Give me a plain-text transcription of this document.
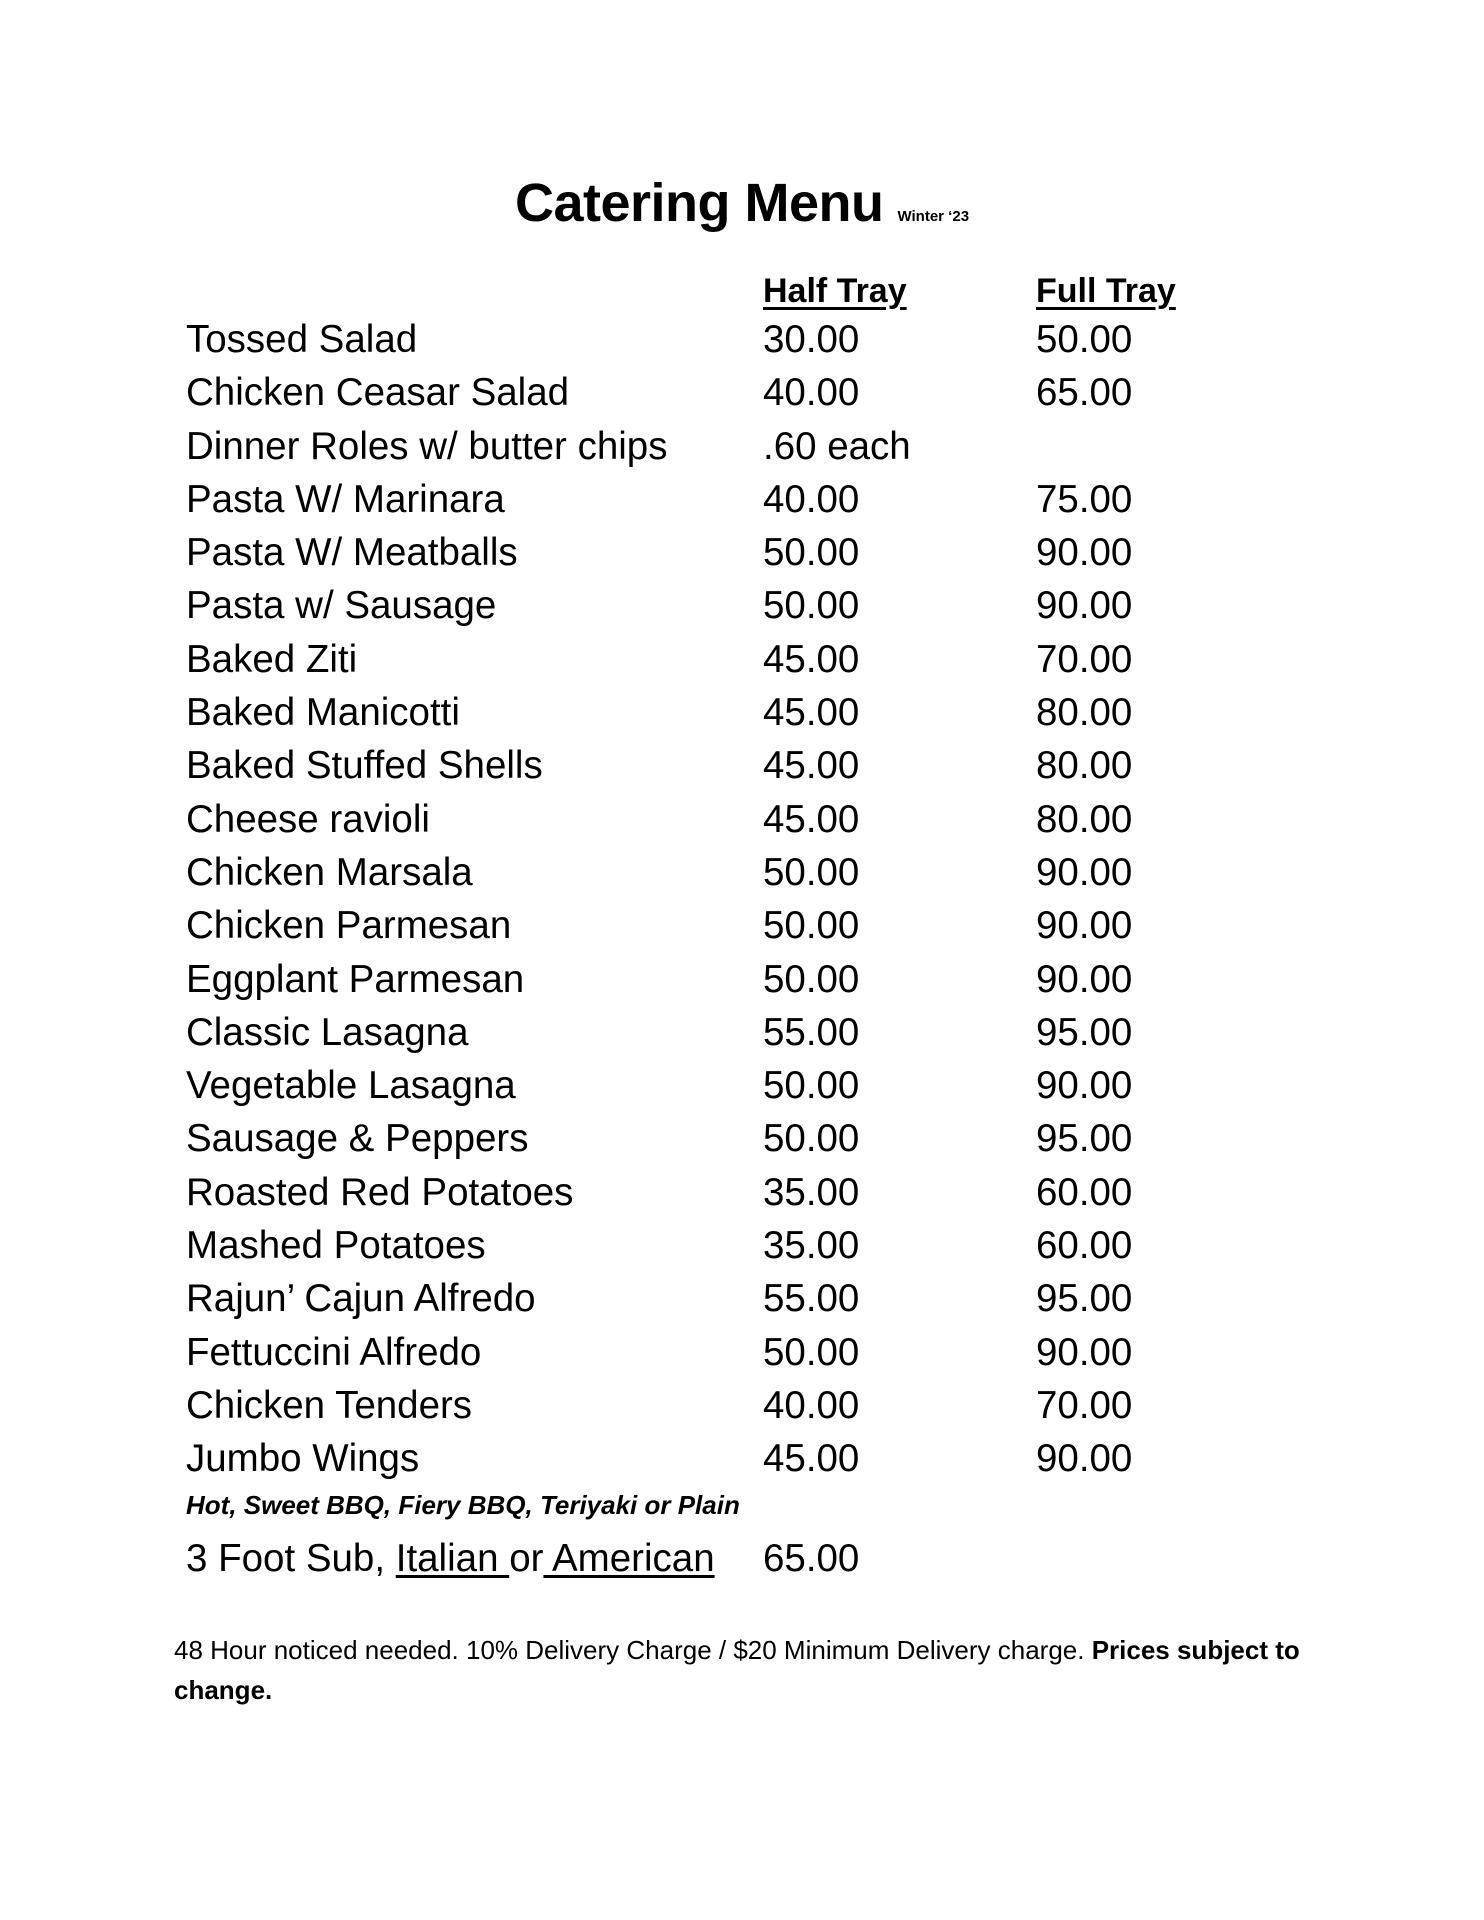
Catering Menu Winter ‘23
Half Tray	Full Tray
Tossed Salad	30.00	50.00
Chicken Ceasar Salad	40.00	65.00
Dinner Roles w/ butter chips .60 each
Pasta W/ Marinara	40.00	75.00
Pasta W/ Meatballs	50.00	90.00
Pasta w/ Sausage	50.00	90.00
Baked Ziti	45.00	70.00
Baked Manicotti	45.00	80.00
Baked Stuffed Shells	45.00	80.00
Cheese ravioli	45.00	80.00
Chicken Marsala	50.00	90.00
Chicken Parmesan	50.00	90.00
Eggplant Parmesan	50.00	90.00
Classic Lasagna	55.00	95.00
Vegetable Lasagna	50.00	90.00
Sausage & Peppers	50.00	95.00
Roasted Red Potatoes	35.00	60.00
Mashed Potatoes	35.00	60.00
Rajun’ Cajun Alfredo	55.00	95.00
Fettuccini Alfredo	50.00	90.00
Chicken Tenders	40.00	70.00
Jumbo Wings	45.00	90.00
Hot, Sweet BBQ, Fiery BBQ, Teriyaki or Plain
3 Foot Sub, Italian or American 65.00
48 Hour noticed needed. 10% Delivery Charge / $20 Minimum Delivery charge. Prices subject to change.
